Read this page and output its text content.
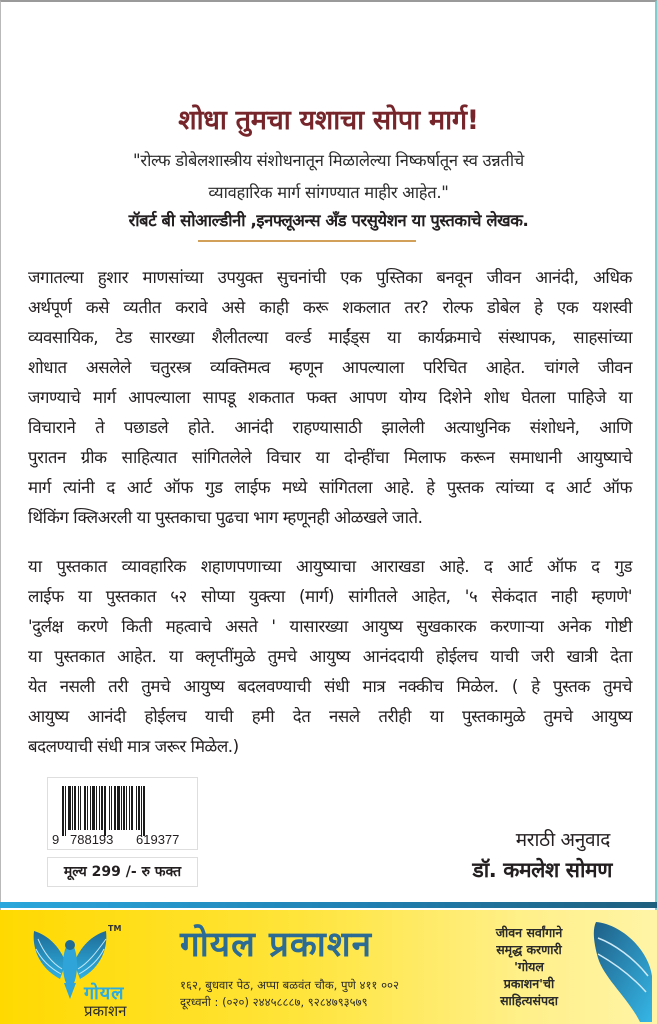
शोधा तुमचा यशाचा सोपा मार्ग!

"रोल्फ डोबेलशास्त्रीय संशोधनातून मिळालेल्या निष्कर्षातून स्व उन्नतीचे

व्यावहारिक मार्ग सांगण्यात माहीर आहेत."

रॉबर्ट बी सोआल्डीनी ,इनफ्लूअन्स अँड परसुयेशन या पुस्तकाचे लेखक.

जगातल्या हुशार माणसांच्या उपयुक्त सुचनांची एक पुस्तिका बनवून जीवन आनंदी, अधिक
अर्थपूर्ण कसे व्यतीत करावे असे काही करू शकलात तर? रोल्फ डोबेल हे एक यशस्वी
व्यवसायिक, टेड सारख्या शैलीतल्या वर्ल्ड माईंड्स या कार्यक्रमाचे संस्थापक, साहसांच्या
शोधात असलेले चतुरस्त्र व्यक्तिमत्व म्हणून आपल्याला परिचित आहेत. चांगले जीवन
जगण्याचे मार्ग आपल्याला सापडू शकतात फक्त आपण योग्य दिशेने शोध घेतला पाहिजे या
विचाराने ते पछाडले होते. आनंदी राहण्यासाठी झालेली अत्याधुनिक संशोधने, आणि
पुरातन ग्रीक साहित्यात सांगितलेले विचार या दोन्हींचा मिलाफ करून समाधानी आयुष्याचे
मार्ग त्यांनी द आर्ट ऑफ गुड लाईफ मध्ये सांगितला आहे. हे पुस्तक त्यांच्या द आर्ट ऑफ
थिंकिंग क्लिअरली या पुस्तकाचा पुढचा भाग म्हणूनही ओळखले जाते.
या पुस्तकात व्यावहारिक शहाणपणाच्या आयुष्याचा आराखडा आहे. द आर्ट ऑफ द गुड
लाईफ या पुस्तकात ५२ सोप्या युक्त्या (मार्ग) सांगीतले आहेत, '५ सेकंदात नाही म्हणणे'
'दुर्लक्ष करणे किती महत्वाचे असते ' यासारख्या आयुष्य सुखकारक करणाऱ्या अनेक गोष्टी
या पुस्तकात आहेत. या क्लृप्तींमुळे तुमचे आयुष्य आनंददायी होईलच याची जरी खात्री देता
येत नसली तरी तुमचे आयुष्य बदलवण्याची संधी मात्र नक्कीच मिळेल. ( हे पुस्तक तुमचे
आयुष्य आनंदी होईलच याची हमी देत नसले तरीही या पुस्तकामुळे तुमचे आयुष्य
बदलण्याची संधी मात्र जरूर मिळेल.)
9 788193 619377
मूल्य 299 /- रु फक्त
मराठी अनुवाद
डॉ. कमलेश सोमण
TM
गोयल
प्रकाशन
गोयल प्रकाशन
१६२, बुधवार पेठ, अप्पा बळवंत चौक, पुणे ४११ ००२
दूरध्वनी : (०२०) २४४५८८८७, ९२८४७९३५७९
जीवन सर्वांगाने
समृद्ध करणारी
'गोयल
प्रकाशन'ची
साहित्यसंपदा
